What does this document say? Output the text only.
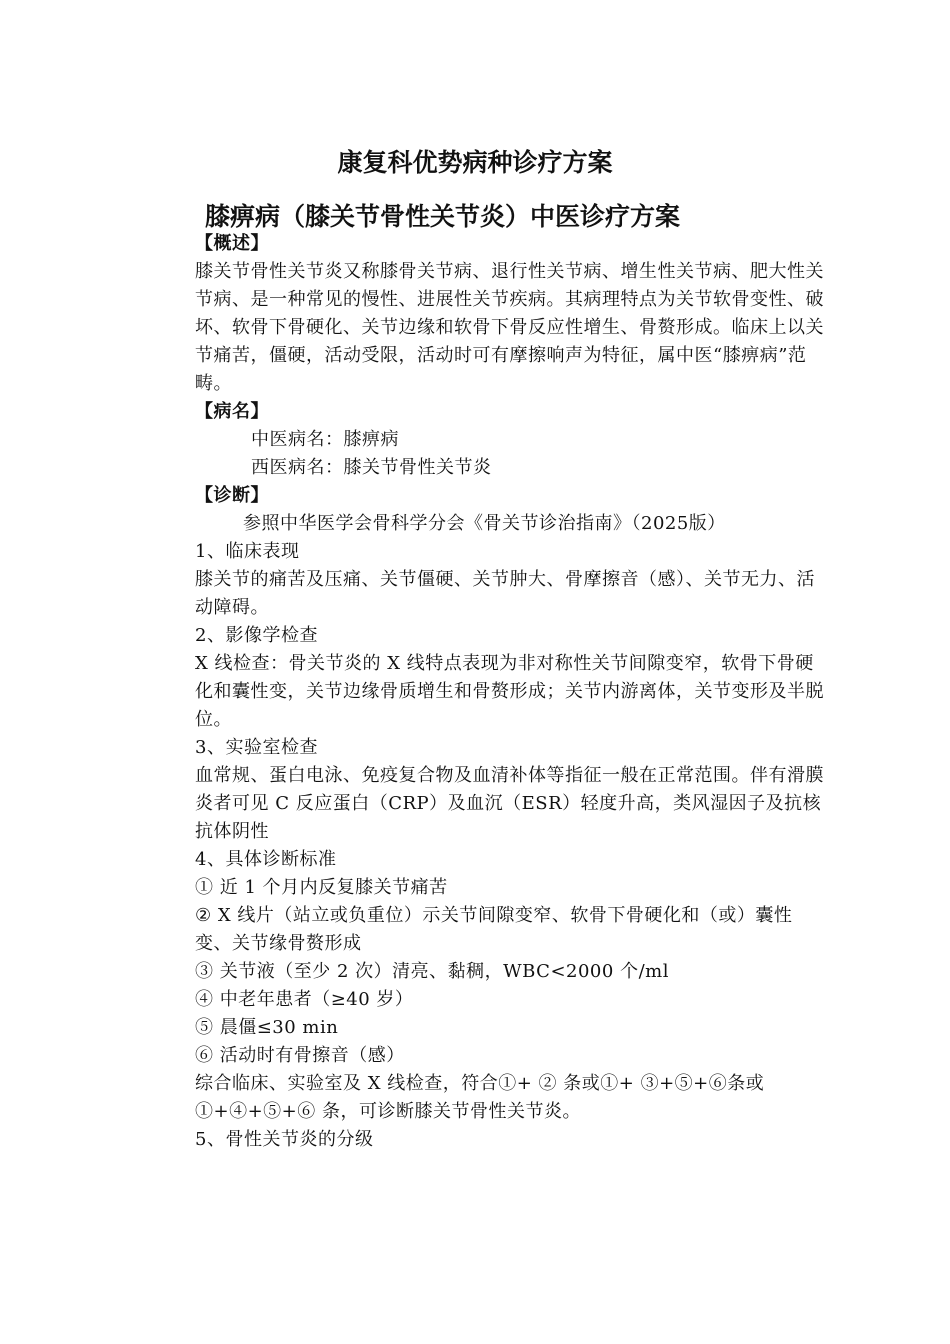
康复科优势病种诊疗方案
膝痹病（膝关节骨性关节炎）中医诊疗方案

【概述】

膝关节骨性关节炎又称膝骨关节病、退行性关节病、增生性关节病、肥大性关节病、是一种常见的慢性、进展性关节疾病。其病理特点为关节软骨变性、破坏、软骨下骨硬化、关节边缘和软骨下骨反应性增生、骨赘形成。临床上以关节痛苦，僵硬，活动受限，活动时可有摩擦响声为特征，属中医“膝痹病”范畴。

【病名】

中医病名：膝痹病

西医病名：膝关节骨性关节炎

【诊断】

参照中华医学会骨科学分会《骨关节诊治指南》（2025版）

1、临床表现

膝关节的痛苦及压痛、关节僵硬、关节肿大、骨摩擦音（感）、关节无力、活动障碍。

2、影像学检查

X 线检查：骨关节炎的 X 线特点表现为非对称性关节间隙变窄，软骨下骨硬化和囊性变，关节边缘骨质增生和骨赘形成；关节内游离体，关节变形及半脱位。

3、实验室检查

血常规、蛋白电泳、免疫复合物及血清补体等指征一般在正常范围。伴有滑膜炎者可见 C 反应蛋白（CRP）及血沉（ESR）轻度升高，类风湿因子及抗核抗体阴性

4、具体诊断标准

① 近 1 个月内反复膝关节痛苦

② X 线片（站立或负重位）示关节间隙变窄、软骨下骨硬化和（或）囊性变、关节缘骨赘形成

③ 关节液（至少 2 次）清亮、黏稠，WBC<2000 个/ml

④ 中老年患者（≥40 岁）

⑤ 晨僵≤30 min

⑥ 活动时有骨擦音（感）

综合临床、实验室及 X 线检查，符合①+ ② 条或①+ ③+⑤+⑥条或①+④+⑤+⑥ 条，可诊断膝关节骨性关节炎。

5、骨性关节炎的分级
